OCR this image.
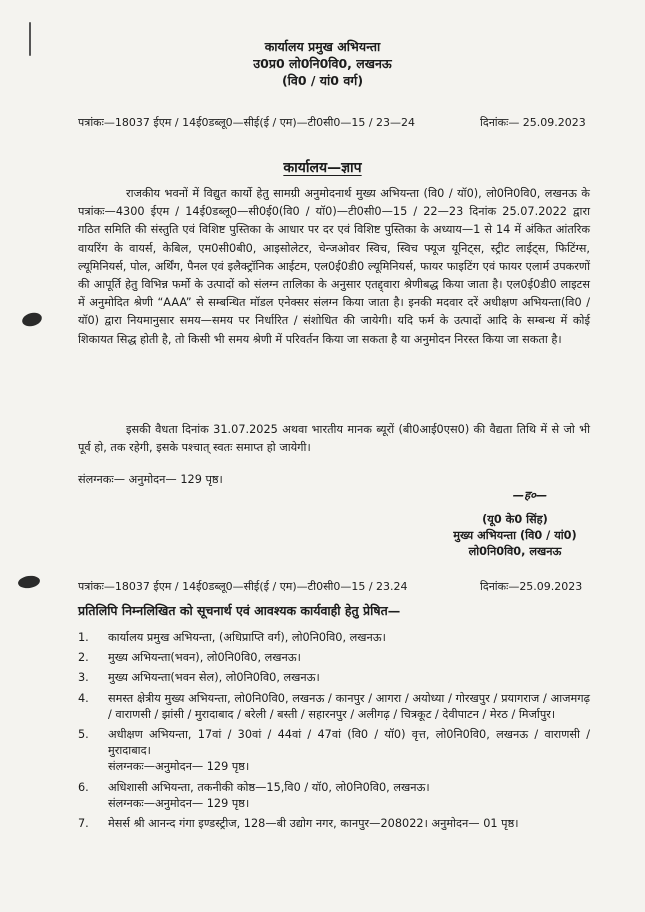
कार्यालय प्रमुख अभियन्ता
उ0प्र0 लो0नि0वि0, लखनऊ
(वि0 / यां0 वर्ग)
पत्रांकः—18037 ईएम / 14ई0डब्लू0—सीई(ई / एम)—टी0सी0—15 / 23—24	दिनांकः— 25.09.2023
कार्यालय—ज्ञाप
राजकीय भवनों में विद्युत कार्यो हेतु सामग्री अनुमोदनार्थ मुख्य अभियन्ता (वि0 / यॉ0), लो0नि0वि0, लखनऊ के पत्रांकः—4300 ईएम / 14ई0डब्लू0—सी0ई0(वि0 / यॉ0)—टी0सी0—15 / 22—23 दिनांक 25.07.2022 द्वारा गठित समिति की संस्तुति एवं विशिष्ट पुस्तिका के आधार पर दर एवं विशिष्ट पुस्तिका के अध्याय—1 से 14 में अंकित आंतरिक वायरिंग के वायर्स, केबिल, एम0सी0बी0, आइसोलेटर, चेन्जओवर स्विच, स्विच फ्यूज यूनिट्स, स्ट्रीट लाईट्स, फिटिंग्स, ल्यूमिनियर्स, पोल, अर्थिंग, पैनल एवं इलैक्ट्रॉनिक आईटम, एल0ई0डी0 ल्यूमिनियर्स, फायर फाइटिंग एवं फायर एलार्म उपकरणों की आपूर्ति हेतु विभिन्न फर्मो के उत्पादों को संलग्न तालिका के अनुसार एतद्द्वारा श्रेणीबद्ध किया जाता है। एल0ई0डी0 लाइटस में अनुमोदित श्रेणी “AAA” से सम्बन्धित मॉडल एनेक्सर संलग्न किया जाता है। इनकी मदवार दरें अधीक्षण अभियन्ता(वि0 / यॉ0) द्वारा नियमानुसार समय—समय पर निर्धारित / संशोधित की जायेगी। यदि फर्म के उत्पादों आदि के सम्बन्ध में कोई शिकायत सिद्ध होती है, तो किसी भी समय श्रेणी में परिवर्तन किया जा सकता है या अनुमोदन निरस्त किया जा सकता है।
इसकी वैधता दिनांक 31.07.2025 अथवा भारतीय मानक ब्यूरों (बी0आई0एस0) की वैद्यता तिथि में से जो भी पूर्व हो, तक रहेगी, इसके पश्चात् स्वतः समाप्त हो जायेगी।
संलग्नकः— अनुमोदन— 129 पृष्ठ।
—ह०—
(यू0 के0 सिंह)
मुख्य अभियन्ता (वि0 / यां0)
लो0नि0वि0, लखनऊ
पत्रांकः—18037 ईएम / 14ई0डब्लू0—सीई(ई / एम)—टी0सी0—15 / 23.24	दिनांकः—25.09.2023
प्रतिलिपि निम्नलिखित को सूचनार्थ एवं आवश्यक कार्यवाही हेतु प्रेषित—
1. कार्यालय प्रमुख अभियन्ता, (अधिप्राप्ति वर्ग), लो0नि0वि0, लखनऊ।
2. मुख्य अभियन्ता(भवन), लो0नि0वि0, लखनऊ।
3. मुख्य अभियन्ता(भवन सेल), लो0नि0वि0, लखनऊ।
4. समस्त क्षेत्रीय मुख्य अभियन्ता, लो0नि0वि0, लखनऊ / कानपुर / आगरा / अयोध्या / गोरखपुर / प्रयागराज / आजमगढ़ / वाराणसी / झांसी / मुरादाबाद / बरेली / बस्ती / सहारनपुर / अलीगढ़ / चित्रकूट / देवीपाटन / मेरठ / मिर्जापुर।
5. अधीक्षण अभियन्ता, 17वां / 30वां / 44वां / 47वां (वि0 / यॉ0) वृत्त, लो0नि0वि0, लखनऊ / वाराणसी / मुरादाबाद।
संलग्नकः—अनुमोदन— 129 पृष्ठ।
6. अधिशासी अभियन्ता, तकनीकी कोष्ठ—15,वि0 / यॉ0, लो0नि0वि0, लखनऊ।
संलग्नकः—अनुमोदन— 129 पृष्ठ।
7. मेसर्स श्री आनन्द गंगा इण्डस्ट्रीज, 128—बी उद्योग नगर, कानपुर—208022। अनुमोदन— 01 पृष्ठ।
